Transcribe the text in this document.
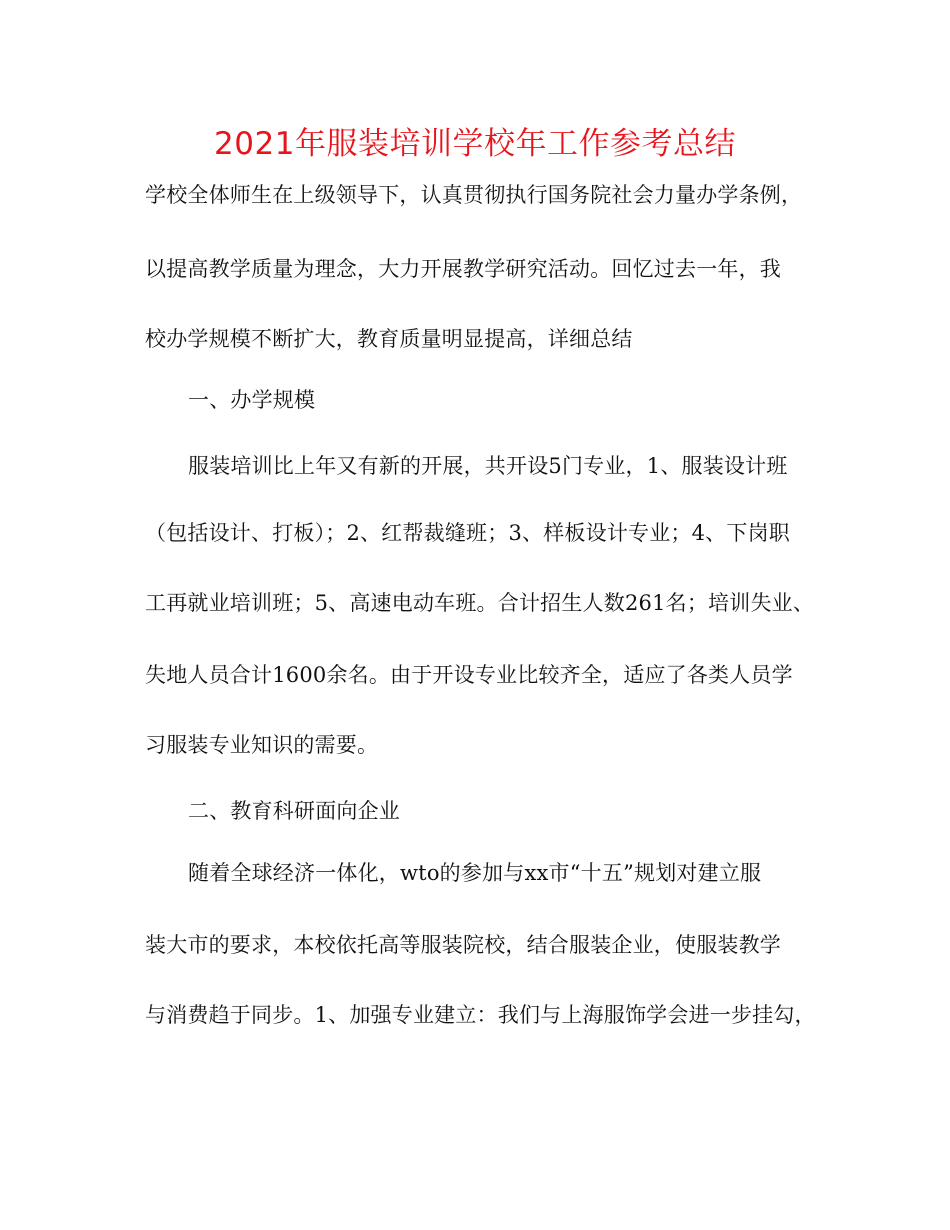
2021年服装培训学校年工作参考总结
学校全体师生在上级领导下，认真贯彻执行国务院社会力量办学条例，
以提高教学质量为理念，大力开展教学研究活动。回忆过去一年，我
校办学规模不断扩大，教育质量明显提高，详细总结
一、办学规模
服装培训比上年又有新的开展，共开设5门专业，1、服装设计班
（包括设计、打板）；2、红帮裁缝班；3、样板设计专业；4、下岗职
工再就业培训班；5、高速电动车班。合计招生人数261名；培训失业、
失地人员合计1600余名。由于开设专业比较齐全，适应了各类人员学
习服装专业知识的需要。
二、教育科研面向企业
随着全球经济一体化，wto的参加与xx市“十五”规划对建立服
装大市的要求，本校依托高等服装院校，结合服装企业，使服装教学
与消费趋于同步。1、加强专业建立：我们与上海服饰学会进一步挂勾，
